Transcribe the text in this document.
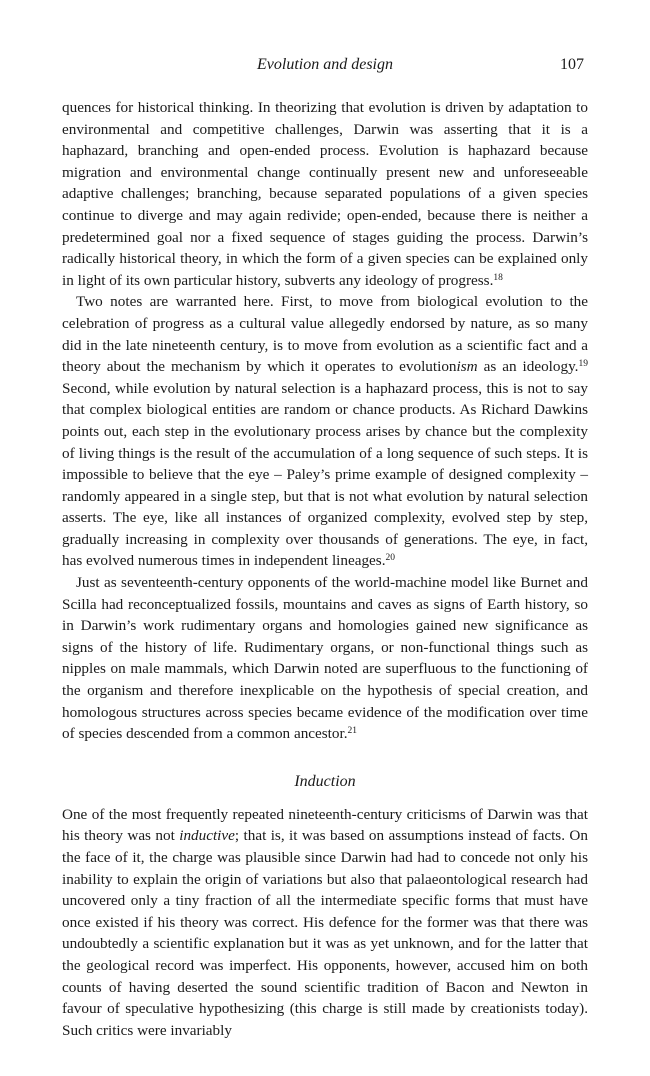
Evolution and design	107

quences for historical thinking. In theorizing that evolution is driven by adaptation to environmental and competitive challenges, Darwin was asserting that it is a haphazard, branching and open-ended process. Evolution is haphazard because migration and environmental change continually present new and unforeseeable adaptive challenges; branching, because separated populations of a given species continue to diverge and may again redivide; open-ended, because there is neither a predetermined goal nor a fixed sequence of stages guiding the process. Darwin’s radically historical theory, in which the form of a given species can be explained only in light of its own particular history, subverts any ideology of progress.$^{18}$

Two notes are warranted here. First, to move from biological evolution to the celebration of progress as a cultural value allegedly endorsed by nature, as so many did in the late nineteenth century, is to move from evolution as a scientific fact and a theory about the mechanism by which it operates to evolutionism as an ideology.$^{19}$ Second, while evolution by natural selection is a haphazard process, this is not to say that complex biological entities are random or chance products. As Richard Dawkins points out, each step in the evolutionary process arises by chance but the complexity of living things is the result of the accumulation of a long sequence of such steps. It is impossible to believe that the eye – Paley’s prime example of designed complexity – randomly appeared in a single step, but that is not what evolution by natural selection asserts. The eye, like all instances of organized complexity, evolved step by step, gradually increasing in complexity over thousands of generations. The eye, in fact, has evolved numerous times in independent lineages.$^{20}$

Just as seventeenth-century opponents of the world-machine model like Burnet and Scilla had reconceptualized fossils, mountains and caves as signs of Earth history, so in Darwin’s work rudimentary organs and homologies gained new significance as signs of the history of life. Rudimentary organs, or non-functional things such as nipples on male mammals, which Darwin noted are superfluous to the functioning of the organism and therefore inexplicable on the hypothesis of special creation, and homologous structures across species became evidence of the modification over time of species descended from a common ancestor.$^{21}$

Induction

One of the most frequently repeated nineteenth-century criticisms of Darwin was that his theory was not inductive; that is, it was based on assumptions instead of facts. On the face of it, the charge was plausible since Darwin had had to concede not only his inability to explain the origin of variations but also that palaeontological research had uncovered only a tiny fraction of all the intermediate specific forms that must have once existed if his theory was correct. His defence for the former was that there was undoubtedly a scientific explanation but it was as yet unknown, and for the latter that the geological record was imperfect. His opponents, however, accused him on both counts of having deserted the sound scientific tradition of Bacon and Newton in favour of speculative hypothesizing (this charge is still made by creationists today). Such critics were invariably
